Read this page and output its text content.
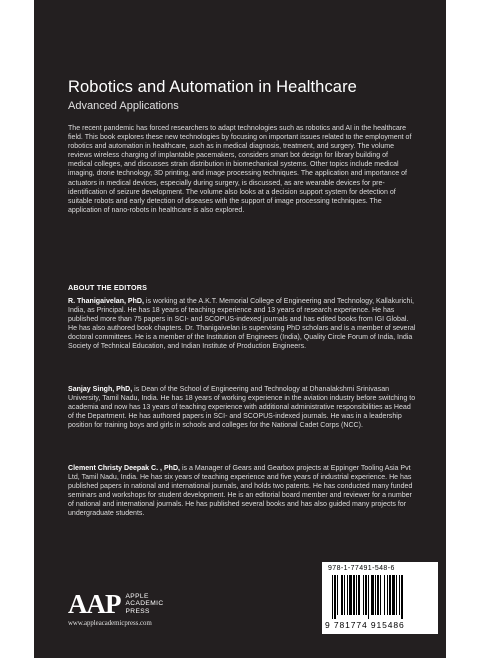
Robotics and Automation in Healthcare
Advanced Applications
The recent pandemic has forced researchers to adapt technologies such as robotics and AI in the healthcare field. This book explores these new technologies by focusing on important issues related to the employment of robotics and automation in healthcare, such as in medical diagnosis, treatment, and surgery. The volume reviews wireless charging of implantable pacemakers, considers smart bot design for library building of medical colleges, and discusses strain distribution in biomechanical systems. Other topics include medical imaging, drone technology, 3D printing, and image processing techniques. The application and importance of actuators in medical devices, especially during surgery, is discussed, as are wearable devices for pre-identification of seizure development. The volume also looks at a decision support system for detection of suitable robots and early detection of diseases with the support of image processing techniques. The application of nano-robots in healthcare is also explored.
ABOUT THE EDITORS
R. Thanigaivelan, PhD, is working at the A.K.T. Memorial College of Engineering and Technology, Kallakurichi, India, as Principal. He has 18 years of teaching experience and 13 years of research experience. He has published more than 75 papers in SCI- and SCOPUS-indexed journals and has edited books from IGI Global. He has also authored book chapters. Dr. Thanigaivelan is supervising PhD scholars and is a member of several doctoral committees. He is a member of the Institution of Engineers (India), Quality Circle Forum of India, India Society of Technical Education, and Indian Institute of Production Engineers.
Sanjay Singh, PhD, is Dean of the School of Engineering and Technology at Dhanalakshmi Srinivasan University, Tamil Nadu, India. He has 18 years of working experience in the aviation industry before switching to academia and now has 13 years of teaching experience with additional administrative responsibilities as Head of the Department. He has authored papers in SCI- and SCOPUS-indexed journals. He was in a leadership position for training boys and girls in schools and colleges for the National Cadet Corps (NCC).
Clement Christy Deepak C. , PhD, is a Manager of Gears and Gearbox projects at Eppinger Tooling Asia Pvt Ltd, Tamil Nadu, India. He has six years of teaching experience and five years of industrial experience. He has published papers in national and international journals, and holds two patents. He has conducted many funded seminars and workshops for student development. He is an editorial board member and reviewer for a number of national and international journals. He has published several books and has also guided many projects for undergraduate students.
AAP APPLE
ACADEMIC
PRESS
www.appleacademicpress.com
978-1-77491-548-6
9 781774 915486
